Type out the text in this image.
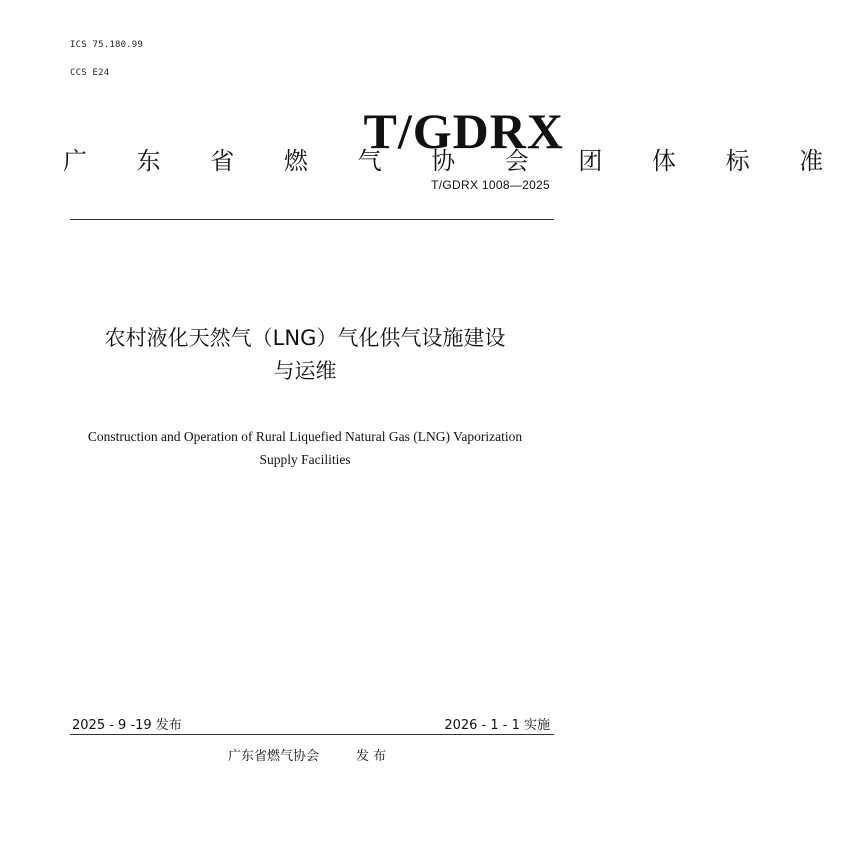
ICS 75.180.99
CCS E24
T/GDRX
广 东 省 燃 气 协 会 团 体 标 准
T/GDRX 1008—2025
农村液化天然气（LNG）气化供气设施建设
与运维
Construction and Operation of Rural Liquefied Natural Gas (LNG) Vaporization
Supply Facilities
2025 - 9 -19 发布	2026 - 1 - 1 实施
广东省燃气协会	发 布
